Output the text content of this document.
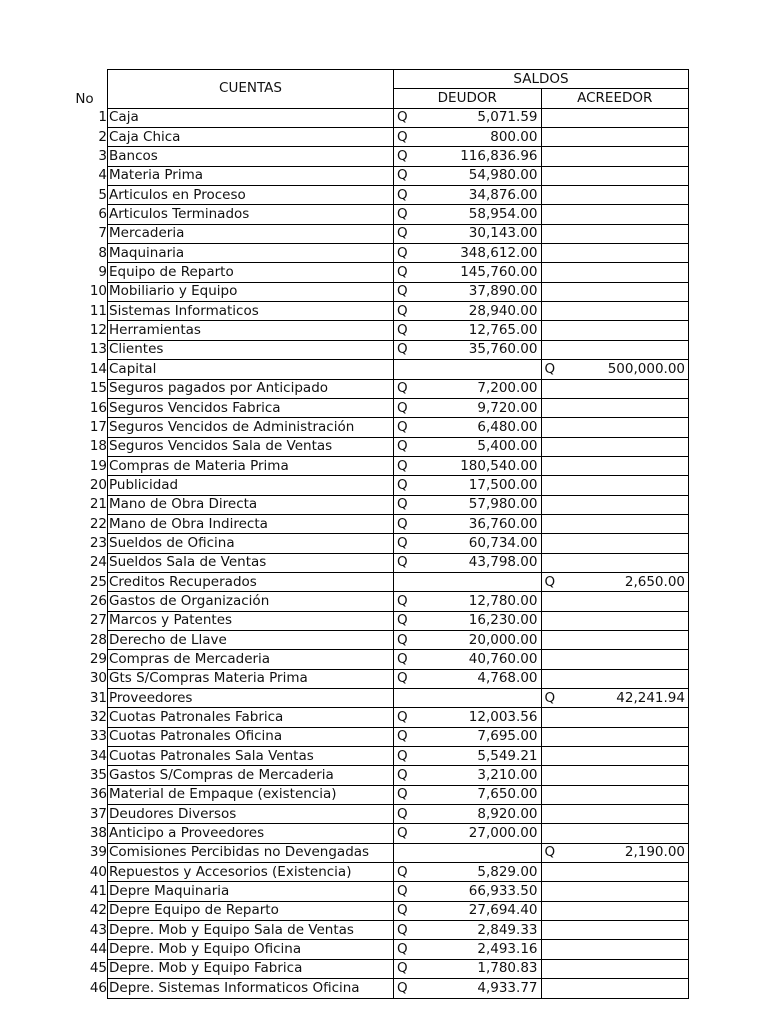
No	CUENTAS	SALDOS			
		DEUDOR		ACREEDOR	
1	Caja	Q	5,071.59		
2	Caja Chica	Q	800.00		
3	Bancos	Q	116,836.96		
4	Materia Prima	Q	54,980.00		
5	Articulos en Proceso	Q	34,876.00		
6	Articulos Terminados	Q	58,954.00		
7	Mercaderia	Q	30,143.00		
8	Maquinaria	Q	348,612.00		
9	Equipo de Reparto	Q	145,760.00		
10	Mobiliario y Equipo	Q	37,890.00		
11	Sistemas Informaticos	Q	28,940.00		
12	Herramientas	Q	12,765.00		
13	Clientes	Q	35,760.00		
14	Capital			Q	500,000.00
15	Seguros pagados por Anticipado	Q	7,200.00		
16	Seguros Vencidos Fabrica	Q	9,720.00		
17	Seguros Vencidos de Administración	Q	6,480.00		
18	Seguros Vencidos Sala de Ventas	Q	5,400.00		
19	Compras de Materia Prima	Q	180,540.00		
20	Publicidad	Q	17,500.00		
21	Mano de Obra Directa	Q	57,980.00		
22	Mano de Obra Indirecta	Q	36,760.00		
23	Sueldos de Oficina	Q	60,734.00		
24	Sueldos Sala de Ventas	Q	43,798.00		
25	Creditos Recuperados			Q	2,650.00
26	Gastos de Organización	Q	12,780.00		
27	Marcos y Patentes	Q	16,230.00		
28	Derecho de Llave	Q	20,000.00		
29	Compras de Mercaderia	Q	40,760.00		
30	Gts S/Compras Materia Prima	Q	4,768.00		
31	Proveedores			Q	42,241.94
32	Cuotas Patronales Fabrica	Q	12,003.56		
33	Cuotas Patronales Oficina	Q	7,695.00		
34	Cuotas Patronales Sala Ventas	Q	5,549.21		
35	Gastos S/Compras de Mercaderia	Q	3,210.00		
36	Material de Empaque (existencia)	Q	7,650.00		
37	Deudores Diversos	Q	8,920.00		
38	Anticipo a Proveedores	Q	27,000.00		
39	Comisiones Percibidas no Devengadas			Q	2,190.00
40	Repuestos y Accesorios (Existencia)	Q	5,829.00		
41	Depre Maquinaria	Q	66,933.50		
42	Depre Equipo de Reparto	Q	27,694.40		
43	Depre. Mob y Equipo Sala de Ventas	Q	2,849.33		
44	Depre. Mob y Equipo Oficina	Q	2,493.16		
45	Depre. Mob y Equipo Fabrica	Q	1,780.83		
46	Depre. Sistemas Informaticos Oficina	Q	4,933.77		
